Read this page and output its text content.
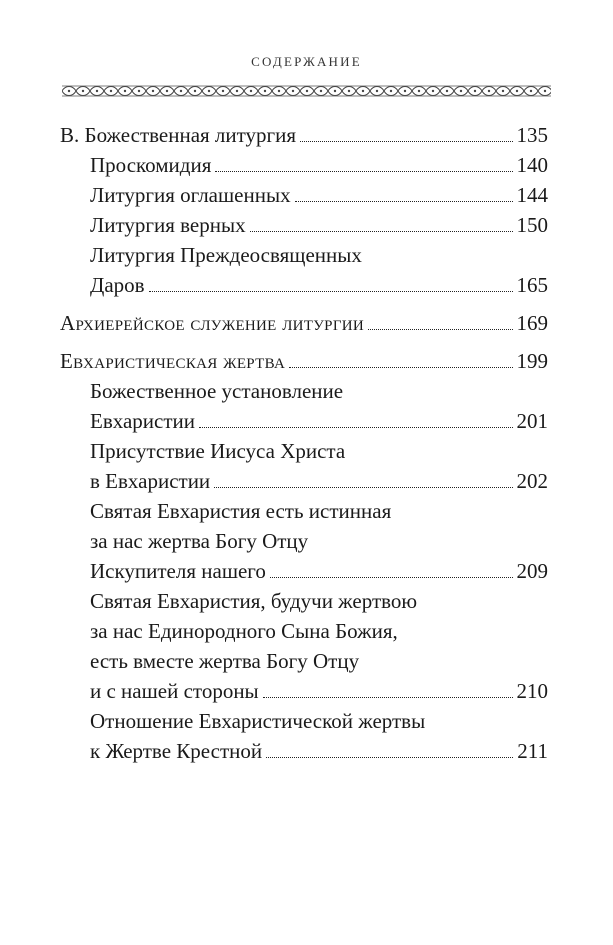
СОДЕРЖАНИЕ
В. Божественная литургия	135
Проскомидия	140
Литургия оглашенных	144
Литургия верных	150
Литургия Преждеосвященных
Даров	165
Архиерейское служение литургии	169
Евхаристическая жертва	199
Божественное установление
Евхаристии	201
Присутствие Иисуса Христа
в Евхаристии	202
Святая Евхаристия есть истинная
за нас жертва Богу Отцу
Искупителя нашего	209
Святая Евхаристия, будучи жертвою
за нас Единородного Сына Божия,
есть вместе жертва Богу Отцу
и с нашей стороны	210
Отношение Евхаристической жертвы
к Жертве Крестной	211
